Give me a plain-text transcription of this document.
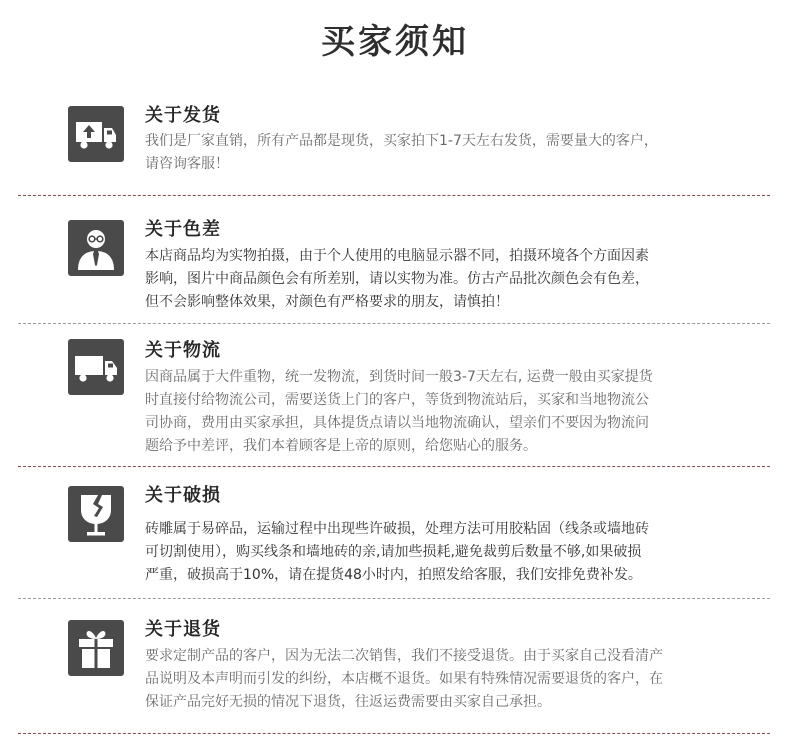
买家须知
关于发货
我们是厂家直销，所有产品都是现货，买家拍下1-7天左右发货，需要量大的客户，
请咨询客服！
关于色差
本店商品均为实物拍摄，由于个人使用的电脑显示器不同，拍摄环境各个方面因素
影响，图片中商品颜色会有所差别，请以实物为准。仿古产品批次颜色会有色差，
但不会影响整体效果，对颜色有严格要求的朋友，请慎拍！
关于物流
因商品属于大件重物，统一发物流，到货时间一般3-7天左右, 运费一般由买家提货
时直接付给物流公司，需要送货上门的客户，等货到物流站后，买家和当地物流公
司协商，费用由买家承担，具体提货点请以当地物流确认，望亲们不要因为物流问
题给予中差评，我们本着顾客是上帝的原则，给您贴心的服务。
关于破损
砖雕属于易碎品，运输过程中出现些许破损，处理方法可用胶粘固（线条或墙地砖
可切割使用），购买线条和墙地砖的亲,请加些损耗,避免裁剪后数量不够,如果破损
严重，破损高于10%，请在提货48小时内，拍照发给客服，我们安排免费补发。
关于退货
要求定制产品的客户，因为无法二次销售，我们不接受退货。由于买家自己没看清产
品说明及本声明而引发的纠纷，本店概不退货。如果有特殊情况需要退货的客户，在
保证产品完好无损的情况下退货，往返运费需要由买家自己承担。
